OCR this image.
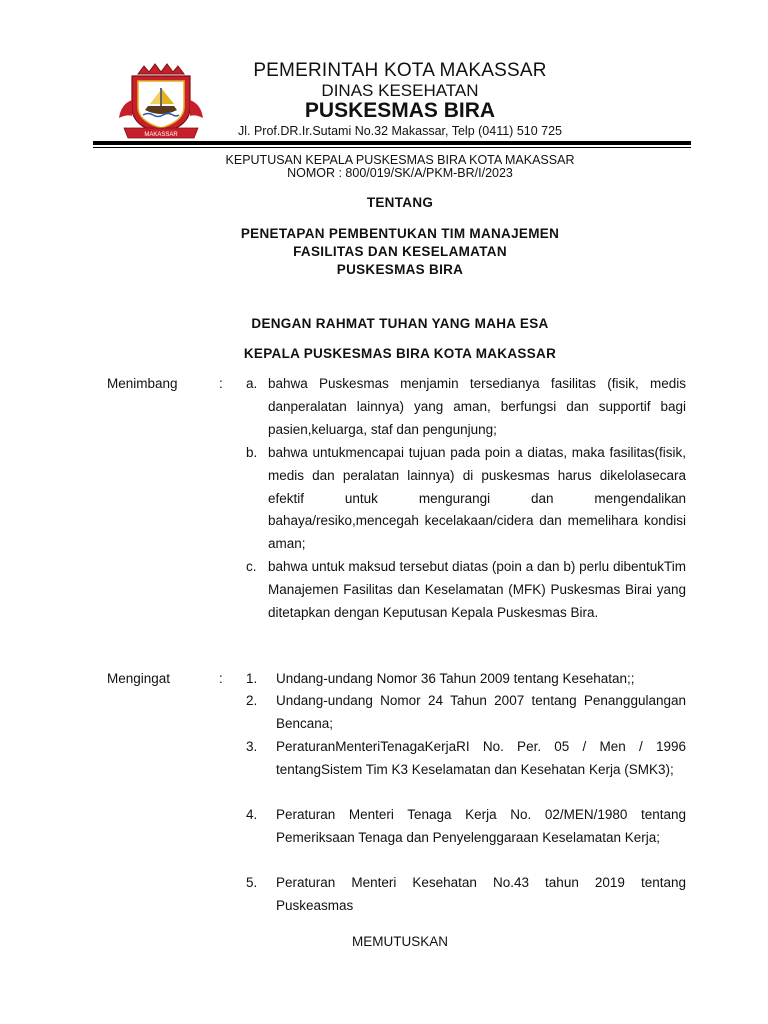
MAKASSAR
PEMERINTAH KOTA MAKASSAR
DINAS KESEHATAN
PUSKESMAS BIRA
Jl. Prof.DR.Ir.Sutami No.32 Makassar, Telp (0411) 510 725
KEPUTUSAN KEPALA PUSKESMAS BIRA KOTA MAKASSAR
NOMOR : 800/019/SK/A/PKM-BR/I/2023
TENTANG
PENETAPAN PEMBENTUKAN TIM MANAJEMEN
FASILITAS DAN KESELAMATAN
PUSKESMAS BIRA
DENGAN RAHMAT TUHAN YANG MAHA ESA
KEPALA PUSKESMAS BIRA KOTA MAKASSAR
Menimbang	: a. bahwa Puskesmas menjamin tersedianya fasilitas (fisik, medis danperalatan lainnya) yang aman, berfungsi dan supportif bagi pasien,keluarga, staf dan pengunjung;
b. bahwa untukmencapai tujuan pada poin a diatas, maka fasilitas(fisik, medis dan peralatan lainnya) di puskesmas harus dikelolasecara efektif untuk mengurangi dan mengendalikan bahaya/resiko,mencegah kecelakaan/cidera dan memelihara kondisi aman;
c. bahwa untuk maksud tersebut diatas (poin a dan b) perlu dibentukTim Manajemen Fasilitas dan Keselamatan (MFK) Puskesmas Birai yang ditetapkan dengan Keputusan Kepala Puskesmas Bira.
Mengingat	: 1. Undang-undang Nomor 36 Tahun 2009 tentang Kesehatan;;
2. Undang-undang Nomor 24 Tahun 2007 tentang Penanggulangan Bencana;
3. PeraturanMenteriTenagaKerjaRI No. Per. 05 / Men / 1996 tentangSistem Tim K3 Keselamatan dan Kesehatan Kerja (SMK3);
4. Peraturan Menteri Tenaga Kerja No. 02/MEN/1980 tentang Pemeriksaan Tenaga dan Penyelenggaraan Keselamatan Kerja;
5. Peraturan Menteri Kesehatan No.43 tahun 2019 tentang Puskeasmas
MEMUTUSKAN
